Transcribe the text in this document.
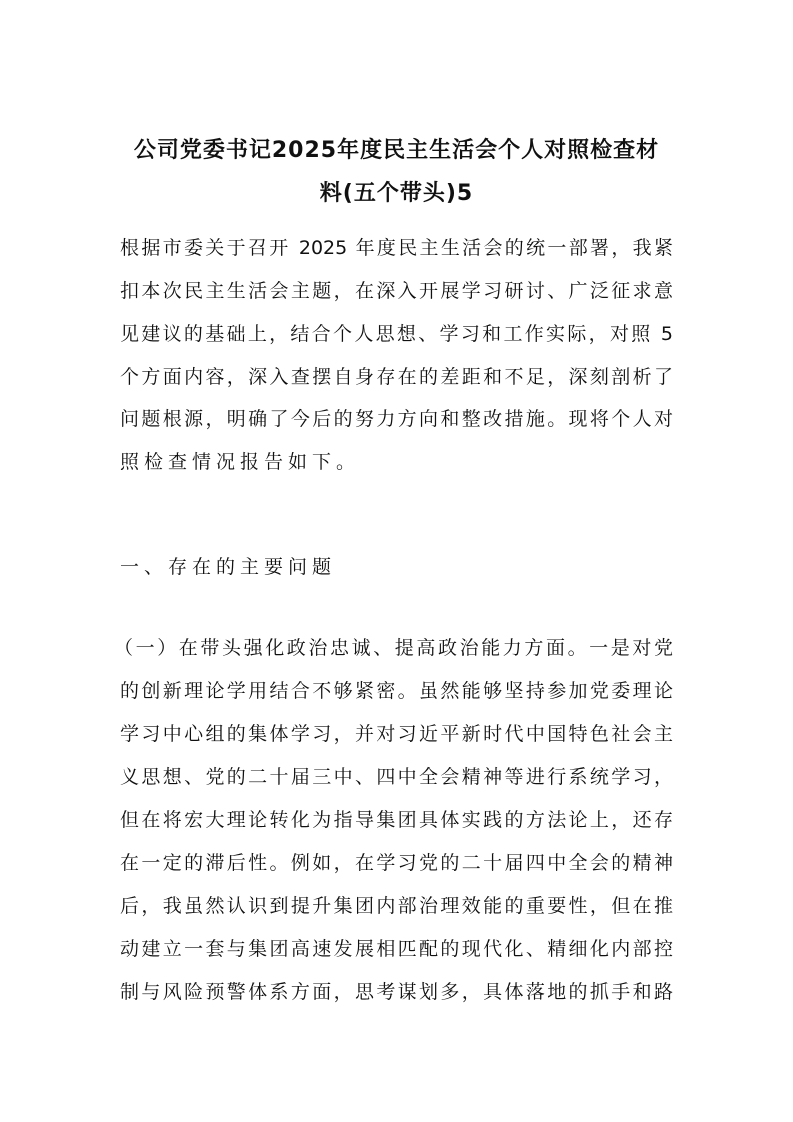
公司党委书记2025年度民主生活会个人对照检查材
料(五个带头)5
根据市委关于召开 2025 年度民主生活会的统一部署，我紧
扣本次民主生活会主题，在深入开展学习研讨、广泛征求意
见建议的基础上，结合个人思想、学习和工作实际，对照 5
个方面内容，深入查摆自身存在的差距和不足，深刻剖析了
问题根源，明确了今后的努力方向和整改措施。现将个人对
照检查情况报告如下。
一、存在的主要问题
（一）在带头强化政治忠诚、提高政治能力方面。一是对党
的创新理论学用结合不够紧密。虽然能够坚持参加党委理论
学习中心组的集体学习，并对习近平新时代中国特色社会主
义思想、党的二十届三中、四中全会精神等进行系统学习，
但在将宏大理论转化为指导集团具体实践的方法论上，还存
在一定的滞后性。例如，在学习党的二十届四中全会的精神
后，我虽然认识到提升集团内部治理效能的重要性，但在推
动建立一套与集团高速发展相匹配的现代化、精细化内部控
制与风险预警体系方面，思考谋划多，具体落地的抓手和路
